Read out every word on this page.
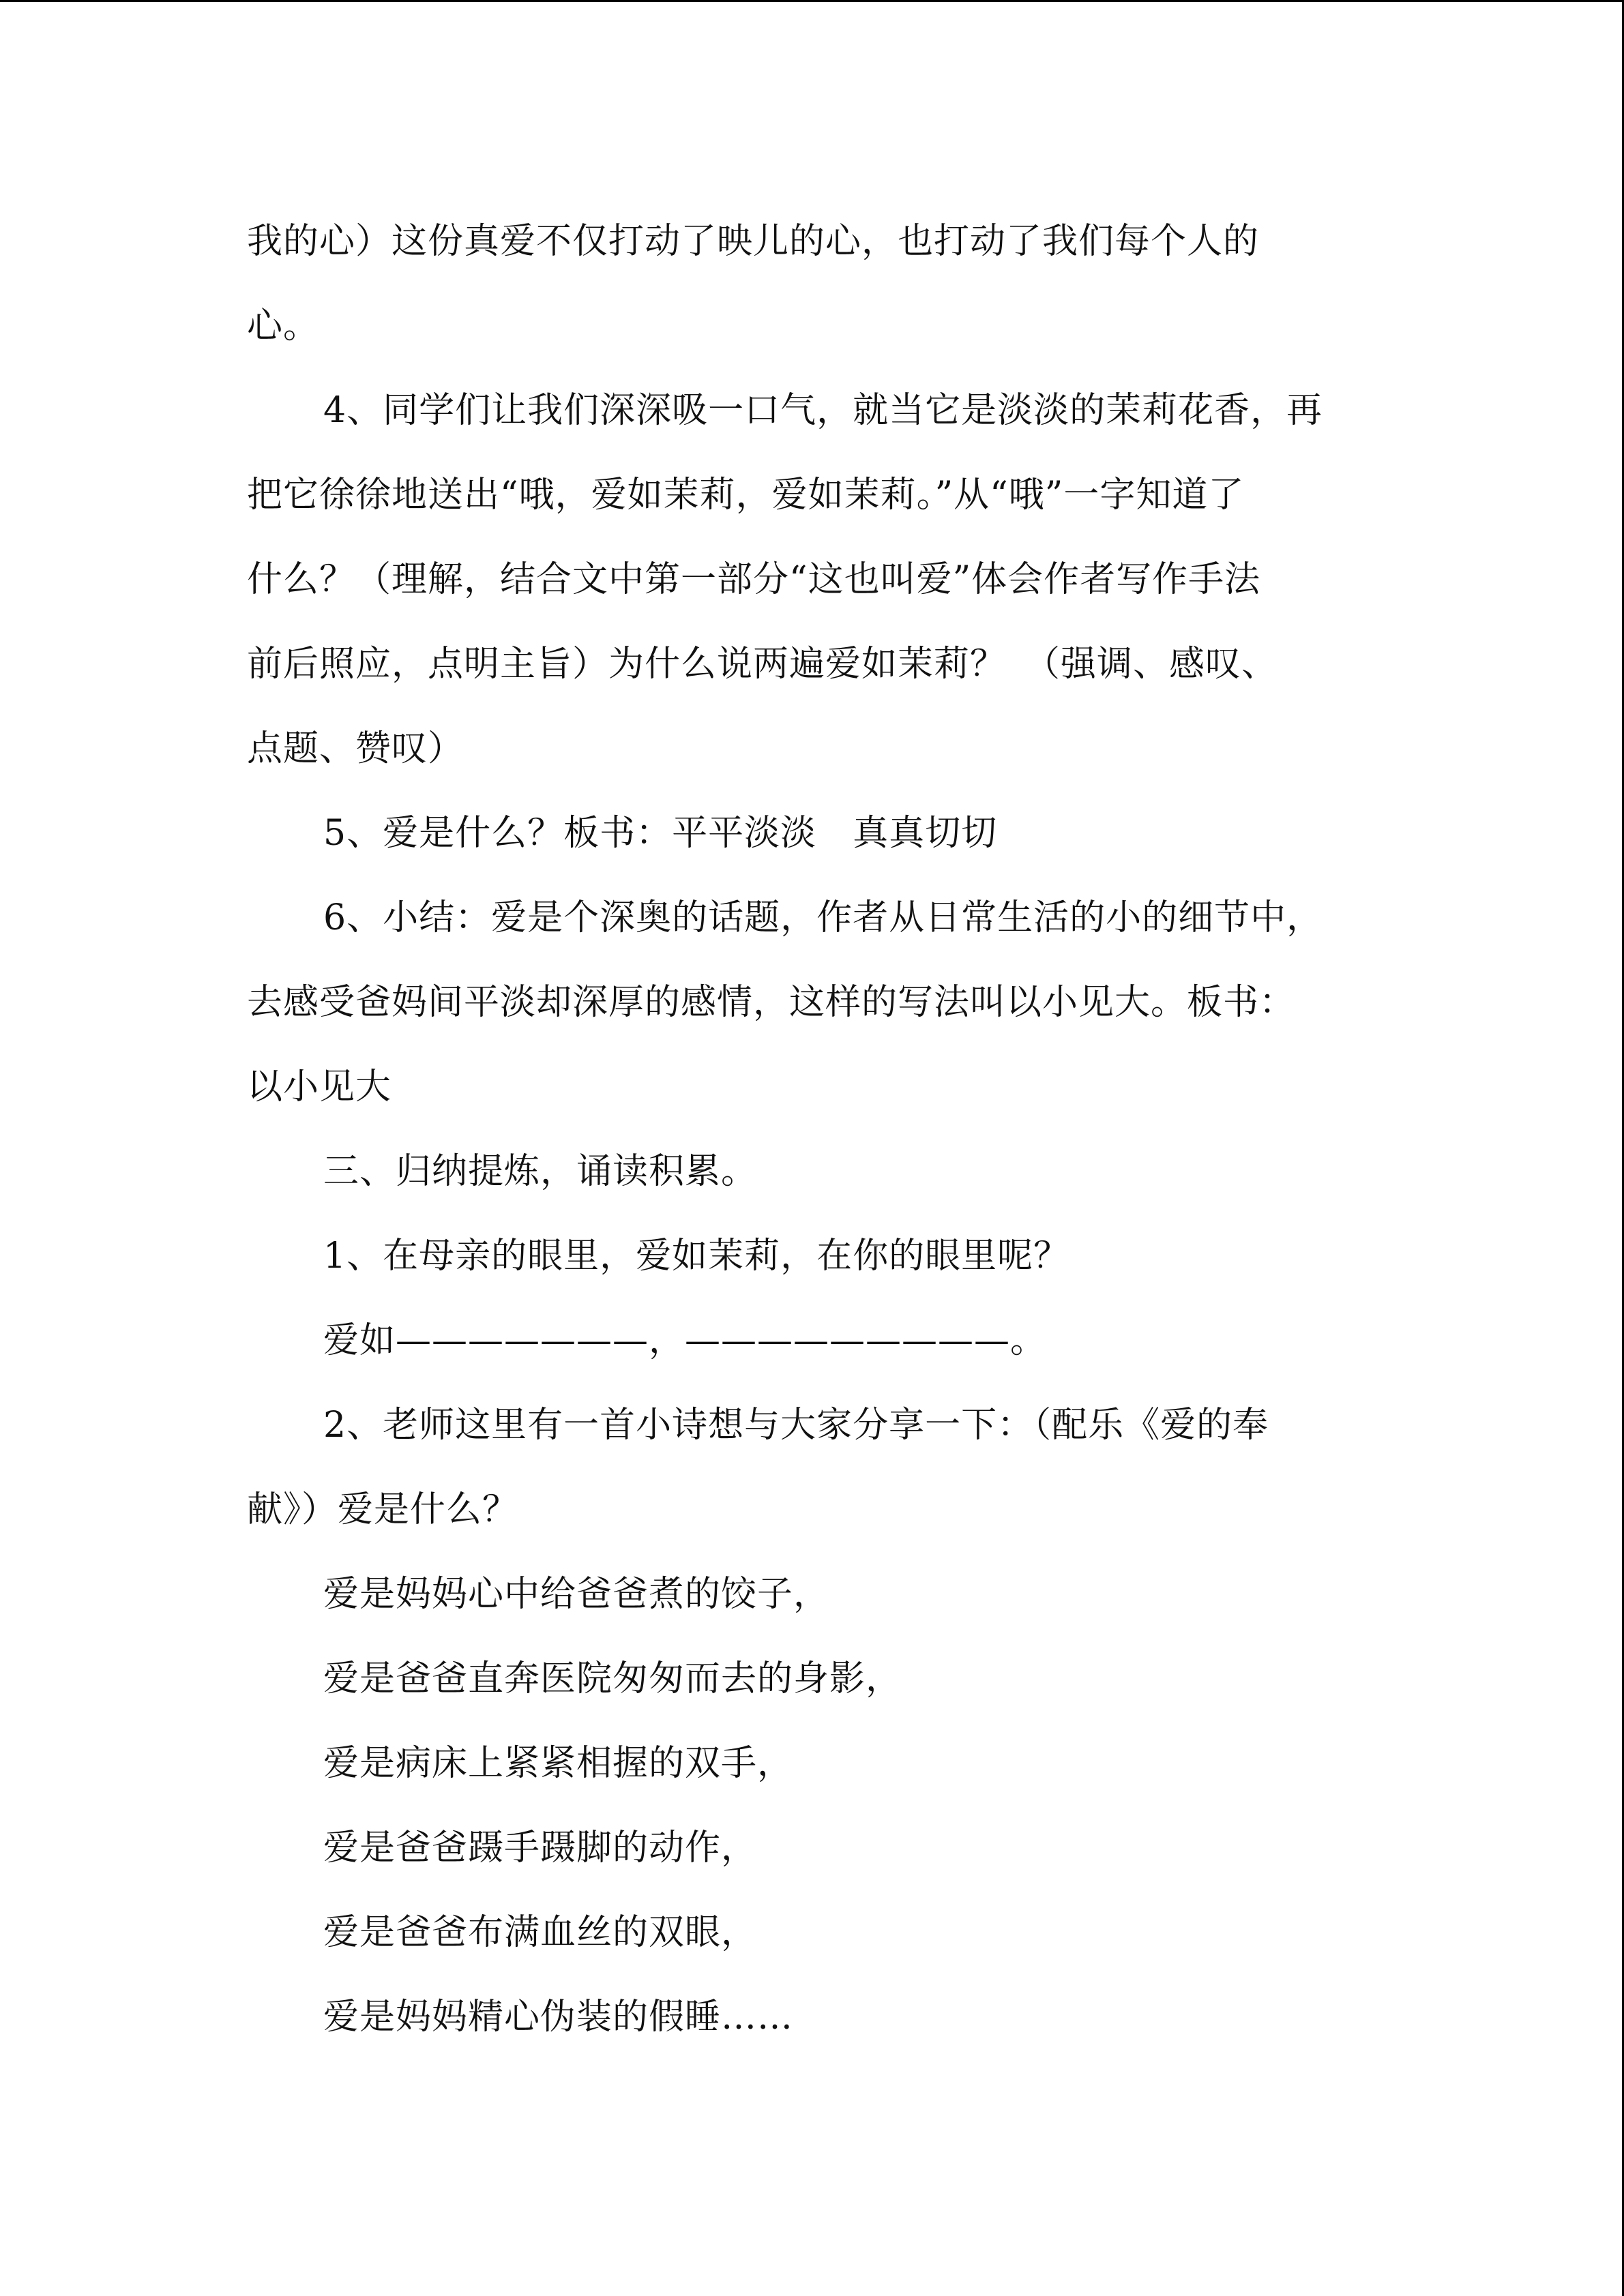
我的心）这份真爱不仅打动了映儿的心，也打动了我们每个人的
心。
4、同学们让我们深深吸一口气，就当它是淡淡的茉莉花香，再
把它徐徐地送出“哦，爱如茉莉，爱如茉莉。”从“哦”一字知道了
什么？（理解，结合文中第一部分“这也叫爱”体会作者写作手法
前后照应，点明主旨）为什么说两遍爱如茉莉？　（强调、感叹、
点题、赞叹）
5、爱是什么？板书：平平淡淡　真真切切
6、小结：爱是个深奥的话题，作者从日常生活的小的细节中，
去感受爸妈间平淡却深厚的感情，这样的写法叫以小见大。板书：
以小见大
三、归纳提炼，诵读积累。
1、在母亲的眼里，爱如茉莉，在你的眼里呢？
爱如———————，—————————。
2、老师这里有一首小诗想与大家分享一下：（配乐《爱的奉
献》）爱是什么？
爱是妈妈心中给爸爸煮的饺子，
爱是爸爸直奔医院匆匆而去的身影，
爱是病床上紧紧相握的双手，
爱是爸爸蹑手蹑脚的动作，
爱是爸爸布满血丝的双眼，
爱是妈妈精心伪装的假睡……
